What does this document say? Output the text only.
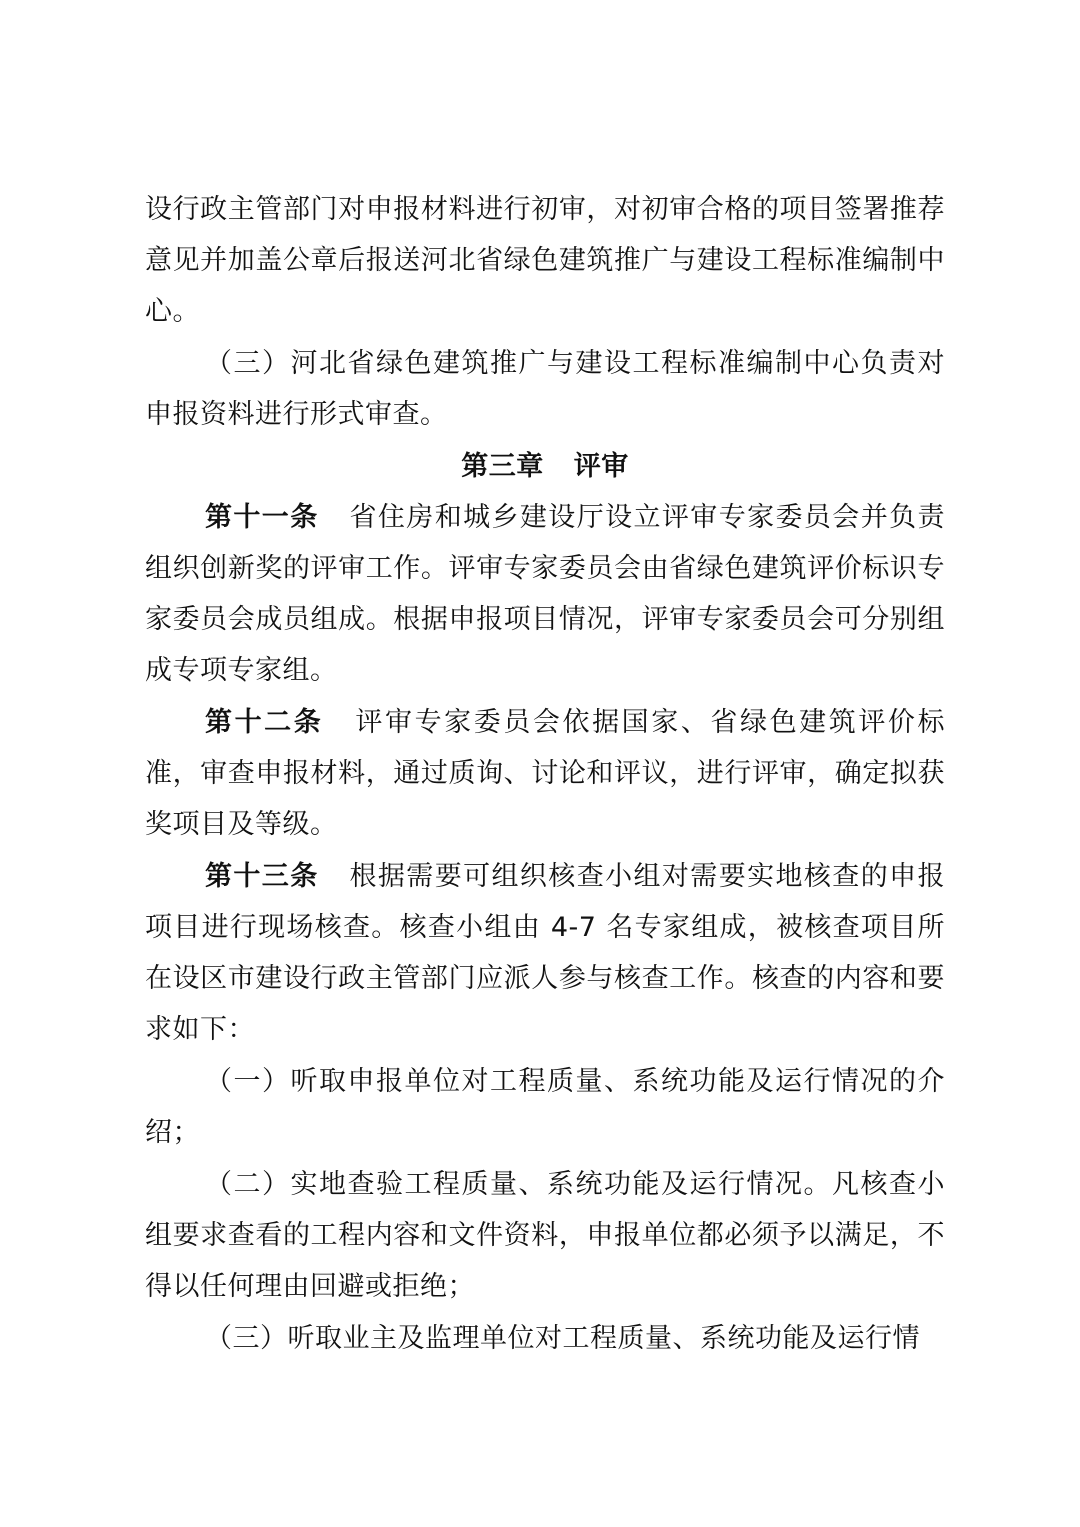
设行政主管部门对申报材料进行初审，对初审合格的项目签署推荐意见并加盖公章后报送河北省绿色建筑推广与建设工程标准编制中心。

（三）河北省绿色建筑推广与建设工程标准编制中心负责对申报资料进行形式审查。

第三章 评审

第十一条 省住房和城乡建设厅设立评审专家委员会并负责组织创新奖的评审工作。评审专家委员会由省绿色建筑评价标识专家委员会成员组成。根据申报项目情况，评审专家委员会可分别组成专项专家组。

第十二条 评审专家委员会依据国家、省绿色建筑评价标准，审查申报材料，通过质询、讨论和评议，进行评审，确定拟获奖项目及等级。

第十三条 根据需要可组织核查小组对需要实地核查的申报项目进行现场核查。核查小组由 4-7 名专家组成，被核查项目所在设区市建设行政主管部门应派人参与核查工作。核查的内容和要求如下：

（一）听取申报单位对工程质量、系统功能及运行情况的介绍；

（二）实地查验工程质量、系统功能及运行情况。凡核查小组要求查看的工程内容和文件资料，申报单位都必须予以满足，不得以任何理由回避或拒绝；

（三）听取业主及监理单位对工程质量、系统功能及运行情
